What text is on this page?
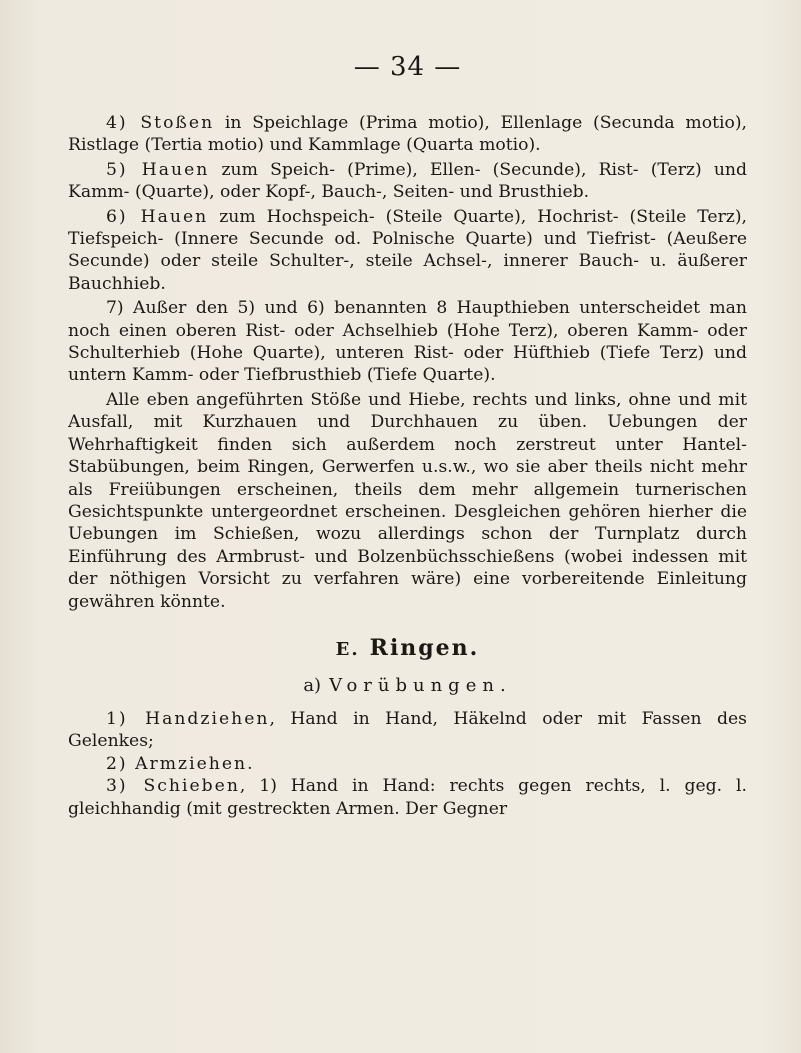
— 34 —

4) Stoßen in Speichlage (Prima motio), Ellenlage (Secunda motio), Ristlage (Tertia motio) und Kammlage (Quarta motio).

5) Hauen zum Speich- (Prime), Ellen- (Secunde), Rist- (Terz) und Kamm- (Quarte), oder Kopf-, Bauch-, Seiten- und Brusthieb.

6) Hauen zum Hochspeich- (Steile Quarte), Hochrist- (Steile Terz), Tiefspeich- (Innere Secunde od. Polnische Quarte) und Tiefrist- (Aeußere Secunde) oder steile Schulter-, steile Achsel-, innerer Bauch- u. äußerer Bauchhieb.

7) Außer den 5) und 6) benannten 8 Haupthieben unterscheidet man noch einen oberen Rist- oder Achselhieb (Hohe Terz), oberen Kamm- oder Schulterhieb (Hohe Quarte), unteren Rist- oder Hüfthieb (Tiefe Terz) und untern Kamm- oder Tiefbrusthieb (Tiefe Quarte).

Alle eben angeführten Stöße und Hiebe, rechts und links, ohne und mit Ausfall, mit Kurzhauen und Durchhauen zu üben. Uebungen der Wehrhaftigkeit finden sich außerdem noch zerstreut unter Hantel- Stabübungen, beim Ringen, Gerwerfen u.s.w., wo sie aber theils nicht mehr als Freiübungen erscheinen, theils dem mehr allgemein turnerischen Gesichtspunkte untergeordnet erscheinen. Desgleichen gehören hierher die Uebungen im Schießen, wozu allerdings schon der Turnplatz durch Einführung des Armbrust- und Bolzenbüchsschießens (wobei indessen mit der nöthigen Vorsicht zu verfahren wäre) eine vorbereitende Einleitung gewähren könnte.

E. Ringen.
a) Vorübungen.

1) Handziehen, Hand in Hand, Häkelnd oder mit Fassen des Gelenkes;

2) Armziehen.

3) Schieben, 1) Hand in Hand: rechts gegen rechts, l. geg. l. gleichhandig (mit gestreckten Armen. Der Gegner
